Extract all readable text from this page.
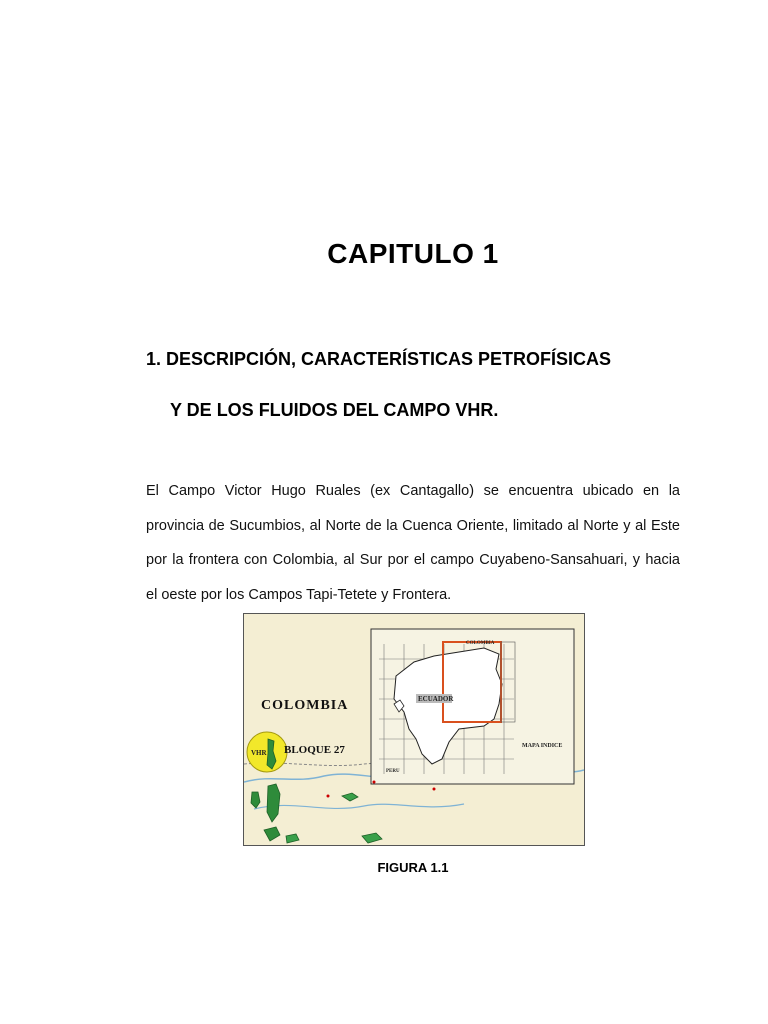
CAPITULO 1
1. DESCRIPCIÓN, CARACTERÍSTICAS PETROFÍSICAS
Y DE LOS FLUIDOS DEL CAMPO VHR.
El Campo Victor Hugo Ruales (ex Cantagallo) se encuentra ubicado en la provincia de Sucumbios, al Norte de la Cuenca Oriente, limitado al Norte y al Este por la frontera con Colombia, al Sur por el campo Cuyabeno-Sansahuari, y hacia el oeste por los Campos Tapi-Tetete y Frontera.
ECUADOR
COLOMBIA
PERU
MAPA INDICE
COLOMBIA
VHR BLOQUE 27
FIGURA 1.1
